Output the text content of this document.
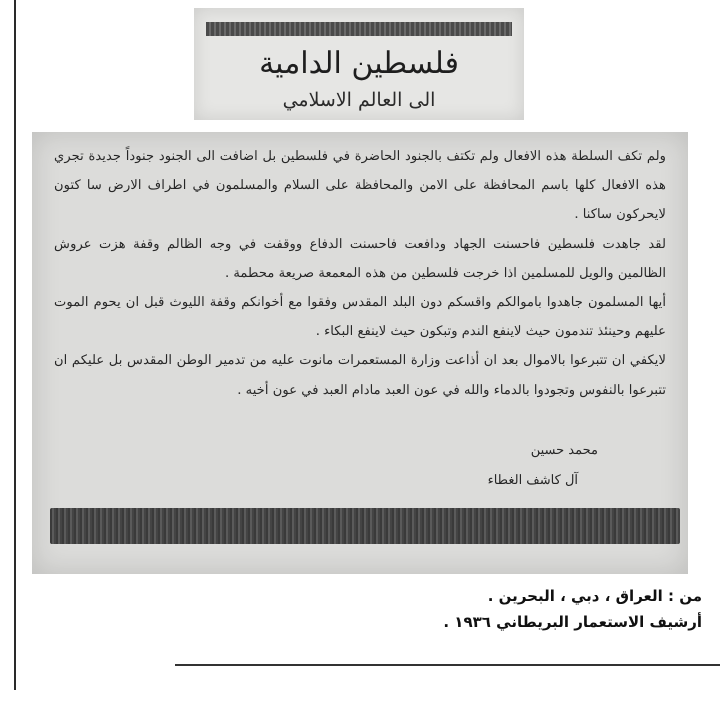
فلسطين الدامية
الى العالم الاسلامي

ولم تكف السلطة هذه الافعال ولم تكتف بالجنود الحاضرة في فلسطين بل اضافت الى الجنود جنوداً جديدة تجري هذه الافعال كلها باسم المحافظة على الامن والمحافظة على السلام والمسلمون في اطراف الارض سا كتون لايحركون ساكنا .

لقد جاهدت فلسطين فاحسنت الجهاد ودافعت فاحسنت الدفاع ووقفت في وجه الظالم وقفة هزت عروش الظالمين والويل للمسلمين اذا خرجت فلسطين من هذه المعمعة صريعة محطمة .

أيها المسلمون جاهدوا باموالكم واقسكم دون البلد المقدس وفقوا مع أخوانكم وقفة الليوث قبل ان يحوم الموت عليهم وحينئذ تندمون حيث لاينفع الندم وتبكون حيث لاينفع البكاء .

لايكفي ان تتبرعوا بالاموال بعد ان أذاعت وزارة المستعمرات مانوت عليه من تدمير الوطن المقدس بل عليكم ان تتبرعوا بالنفوس وتجودوا بالدماء والله في عون العبد مادام العبد في عون أخيه .

محمد حسين
آل كاشف الغطاء
من : العراق ، دبي ، البحرين .
أرشيف الاستعمار البريطاني ١٩٣٦ .
